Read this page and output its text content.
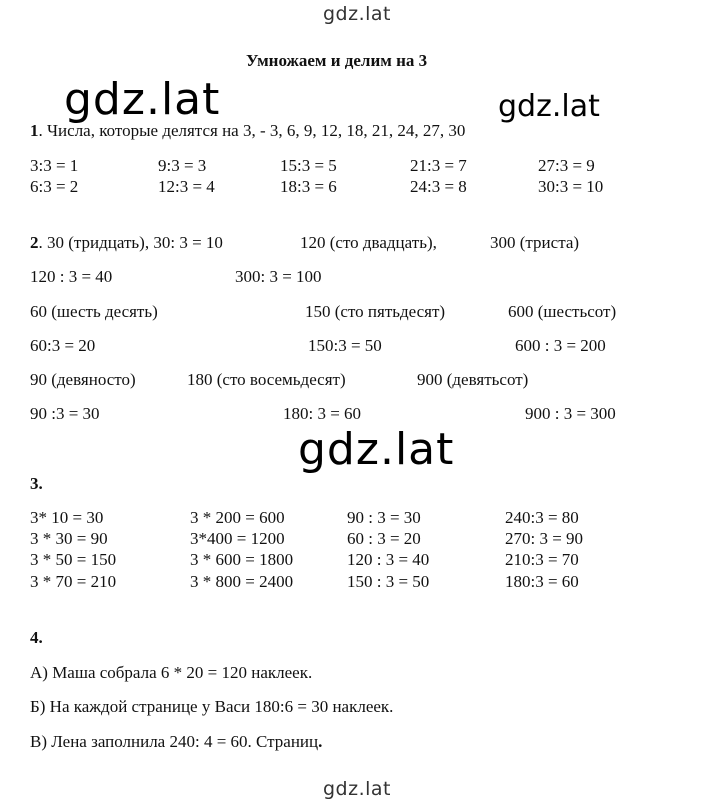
gdz.lat
gdz.lat	gdz.lat
gdz.lat
gdz.lat
Умножаем и делим на 3
1. Числа, которые делятся на 3, - 3, 6, 9, 12, 18, 21, 24, 27, 30
3:3 = 1	9:3 = 3	15:3 = 5	21:3 = 7	27:3 = 9
6:3 = 2	12:3 = 4	18:3 = 6	24:3 = 8	30:3 = 10
2. 30 (тридцать), 30: 3 = 10	120 (сто двадцать),	300 (триста)
120 : 3 = 40	300: 3 = 100
60 (шесть десять)	150 (сто пятьдесят)	600 (шестьсот)
60:3 = 20	150:3 = 50	600 : 3 = 200
90 (девяносто)	180 (сто восемьдесят)	900 (девятьсот)
90 :3 = 30	180: 3 = 60	900 : 3 = 300
3.
3* 10 = 30	3 * 200 = 600	90 : 3 = 30	240:3 = 80
3 * 30 = 90	3*400 = 1200	60 : 3 = 20	270: 3 = 90
3 * 50 = 150	3 * 600 = 1800	120 : 3 = 40	210:3 = 70
3 * 70 = 210	3 * 800 = 2400	150 : 3 = 50	180:3 = 60
4.
А) Маша собрала 6 * 20 = 120 наклеек.
Б) На каждой странице у Васи 180:6 = 30 наклеек.
В) Лена заполнила 240: 4 = 60. Страниц.
